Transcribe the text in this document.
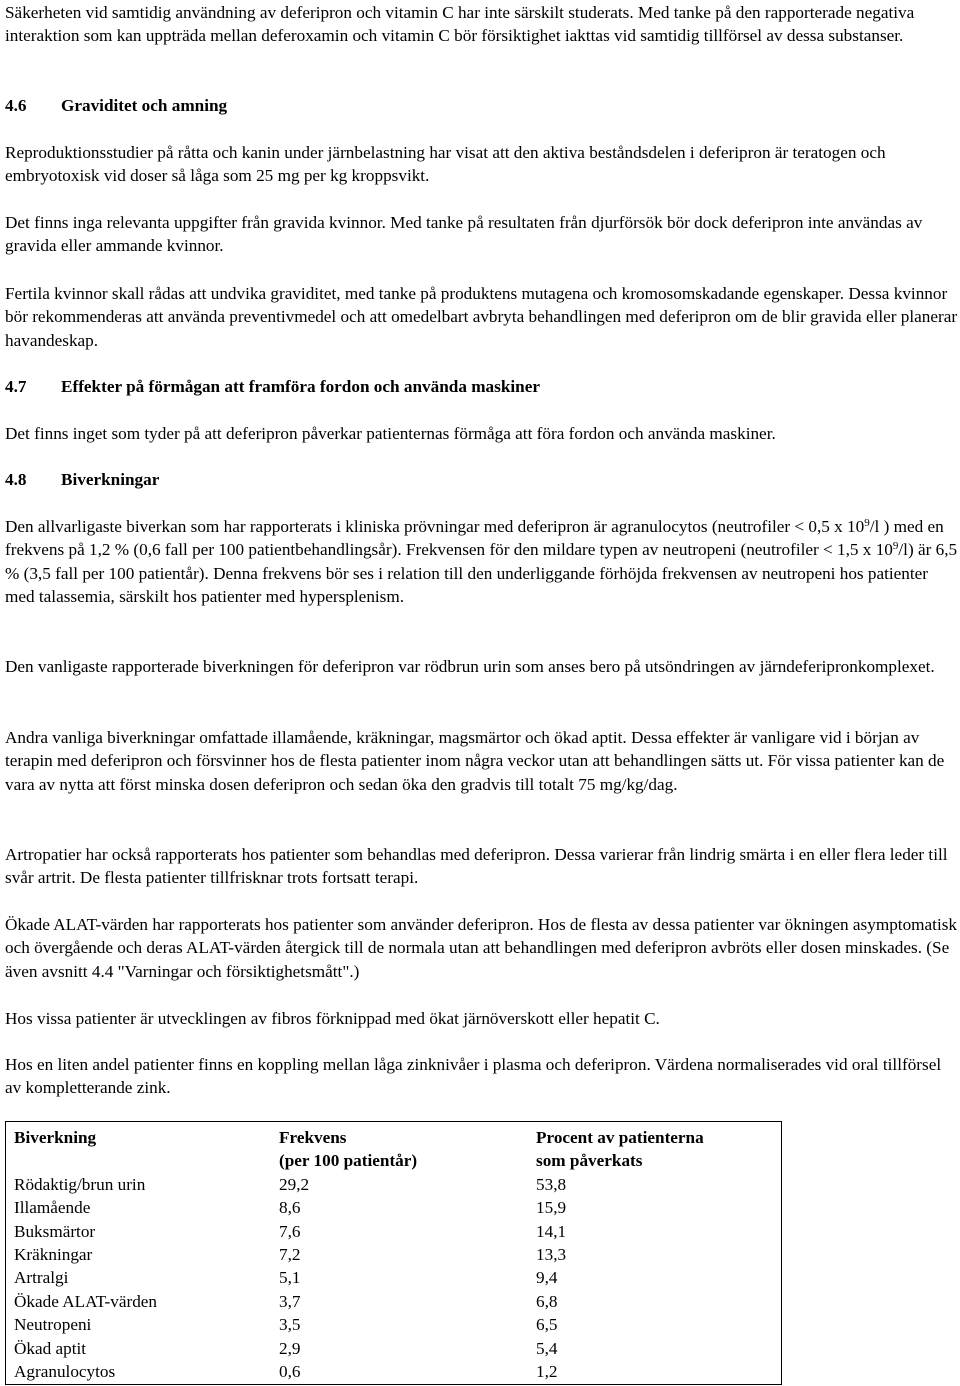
Säkerheten vid samtidig användning av deferipron och vitamin C har inte särskilt studerats. Med tanke på den rapporterade negativa interaktion som kan uppträda mellan deferoxamin och vitamin C bör försiktighet iakttas vid samtidig tillförsel av dessa substanser.

4.6 Graviditet och amning

Reproduktionsstudier på råtta och kanin under järnbelastning har visat att den aktiva beståndsdelen i deferipron är teratogen och embryotoxisk vid doser så låga som 25 mg per kg kroppsvikt.

Det finns inga relevanta uppgifter från gravida kvinnor. Med tanke på resultaten från djurförsök bör dock deferipron inte användas av gravida eller ammande kvinnor.

Fertila kvinnor skall rådas att undvika graviditet, med tanke på produktens mutagena och kromosomskadande egenskaper. Dessa kvinnor bör rekommenderas att använda preventivmedel och att omedelbart avbryta behandlingen med deferipron om de blir gravida eller planerar havandeskap.

4.7 Effekter på förmågan att framföra fordon och använda maskiner

Det finns inget som tyder på att deferipron påverkar patienternas förmåga att föra fordon och använda maskiner.

4.8 Biverkningar

Den allvarligaste biverkan som har rapporterats i kliniska prövningar med deferipron är agranulocytos (neutrofiler < 0,5 x $10^9/l$ ) med en frekvens på 1,2 % (0,6 fall per 100 patientbehandlingsår). Frekvensen för den mildare typen av neutropeni (neutrofiler < 1,5 x $10^9/l$) är 6,5 % (3,5 fall per 100 patientår). Denna frekvens bör ses i relation till den underliggande förhöjda frekvensen av neutropeni hos patienter med talassemia, särskilt hos patienter med hypersplenism.

Den vanligaste rapporterade biverkningen för deferipron var rödbrun urin som anses bero på utsöndringen av järndeferipronkomplexet.

Andra vanliga biverkningar omfattade illamående, kräkningar, magsmärtor och ökad aptit. Dessa effekter är vanligare vid i början av terapin med deferipron och försvinner hos de flesta patienter inom några veckor utan att behandlingen sätts ut. För vissa patienter kan de vara av nytta att först minska dosen deferipron och sedan öka den gradvis till totalt 75 mg/kg/dag.

Artropatier har också rapporterats hos patienter som behandlas med deferipron. Dessa varierar från lindrig smärta i en eller flera leder till svår artrit. De flesta patienter tillfrisknar trots fortsatt terapi.

Ökade ALAT-värden har rapporterats hos patienter som använder deferipron. Hos de flesta av dessa patienter var ökningen asymptomatisk och övergående och deras ALAT-värden återgick till de normala utan att behandlingen med deferipron avbröts eller dosen minskades. (Se även avsnitt 4.4 "Varningar och försiktighetsmått".)

Hos vissa patienter är utvecklingen av fibros förknippad med ökat järnöverskott eller hepatit C.

Hos en liten andel patienter finns en koppling mellan låga zinknivåer i plasma och deferipron. Värdena normaliserades vid oral tillförsel av kompletterande zink.

Biverkning	Frekvens	Procent av patienterna
	(per 100 patientår)	som påverkats
Rödaktig/brun urin	29,2	53,8
Illamående	8,6	15,9
Buksmärtor	7,6	14,1
Kräkningar	7,2	13,3
Artralgi	5,1	9,4
Ökade ALAT-värden	3,7	6,8
Neutropeni	3,5	6,5
Ökad aptit	2,9	5,4
Agranulocytos	0,6	1,2
